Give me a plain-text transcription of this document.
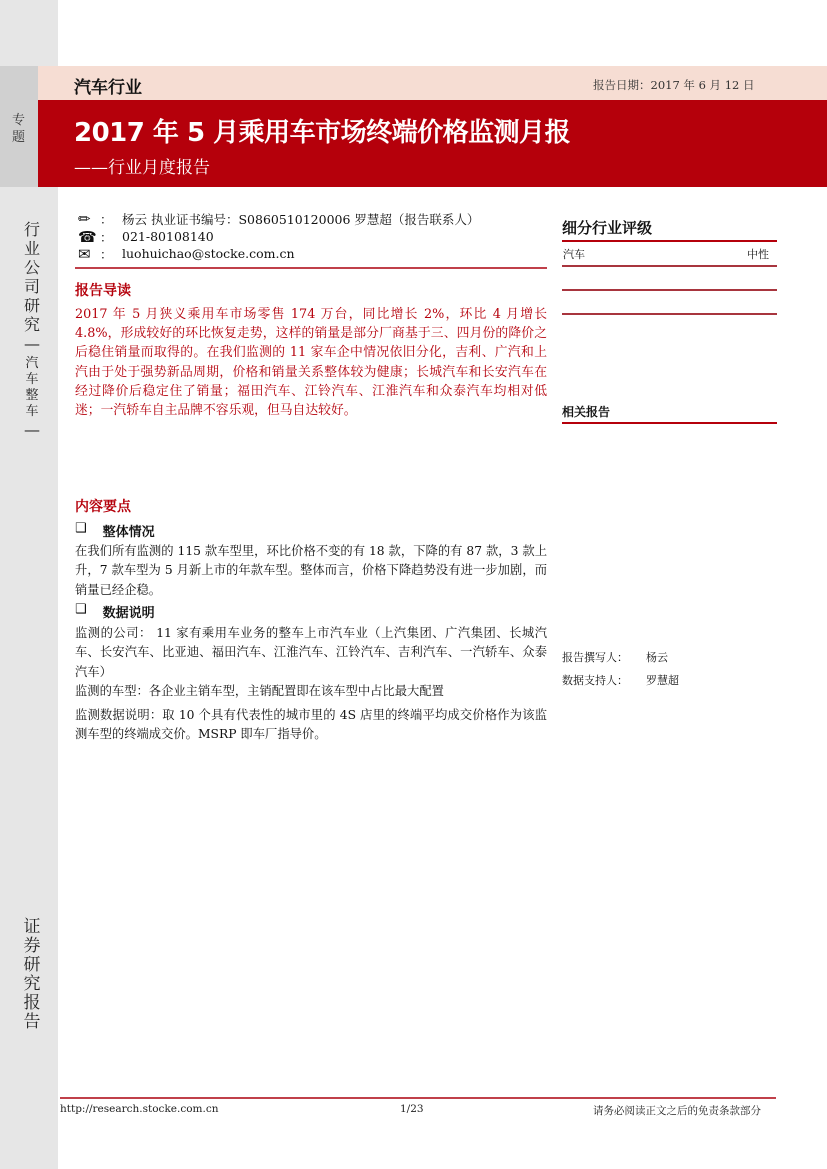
专
题
行
业
公
司
研
究
—
汽
车
整
车
—
证
券
研
究
报
告
汽车行业	报告日期：2017 年 6 月 12 日
2017 年 5 月乘用车市场终端价格监测月报
——行业月度报告
✏ ： 杨云 执业证书编号：S0860510120006 罗慧超（报告联系人）
☎ ： 021-80108140
✉ ： luohuichao@stocke.com.cn
报告导读
2017 年 5 月狭义乘用车市场零售 174 万台，同比增长 2%，环比 4 月增长 4.8%，形成较好的环比恢复走势，这样的销量是部分厂商基于三、四月份的降价之后稳住销量而取得的。在我们监测的 11 家车企中情况依旧分化，吉利、广汽和上汽由于处于强势新品周期，价格和销量关系整体较为健康；长城汽车和长安汽车在经过降价后稳定住了销量；福田汽车、江铃汽车、江淮汽车和众泰汽车均相对低迷；一汽轿车自主品牌不容乐观，但马自达较好。
内容要点
❑ 整体情况
在我们所有监测的 115 款车型里，环比价格不变的有 18 款，下降的有 87 款，3 款上升，7 款车型为 5 月新上市的年款车型。整体而言，价格下降趋势没有进一步加剧，而销量已经企稳。
❑ 数据说明
监测的公司： 11 家有乘用车业务的整车上市汽车业（上汽集团、广汽集团、长城汽车、长安汽车、比亚迪、福田汽车、江淮汽车、江铃汽车、吉利汽车、一汽轿车、众泰汽车）
监测的车型：各企业主销车型，主销配置即在该车型中占比最大配置
监测数据说明：取 10 个具有代表性的城市里的 4S 店里的终端平均成交价格作为该监测车型的终端成交价。MSRP 即车厂指导价。
细分行业评级
汽车	中性
相关报告
报告撰写人： 杨云
数据支持人： 罗慧超
http://research.stocke.com.cn	1/23	请务必阅读正文之后的免责条款部分
